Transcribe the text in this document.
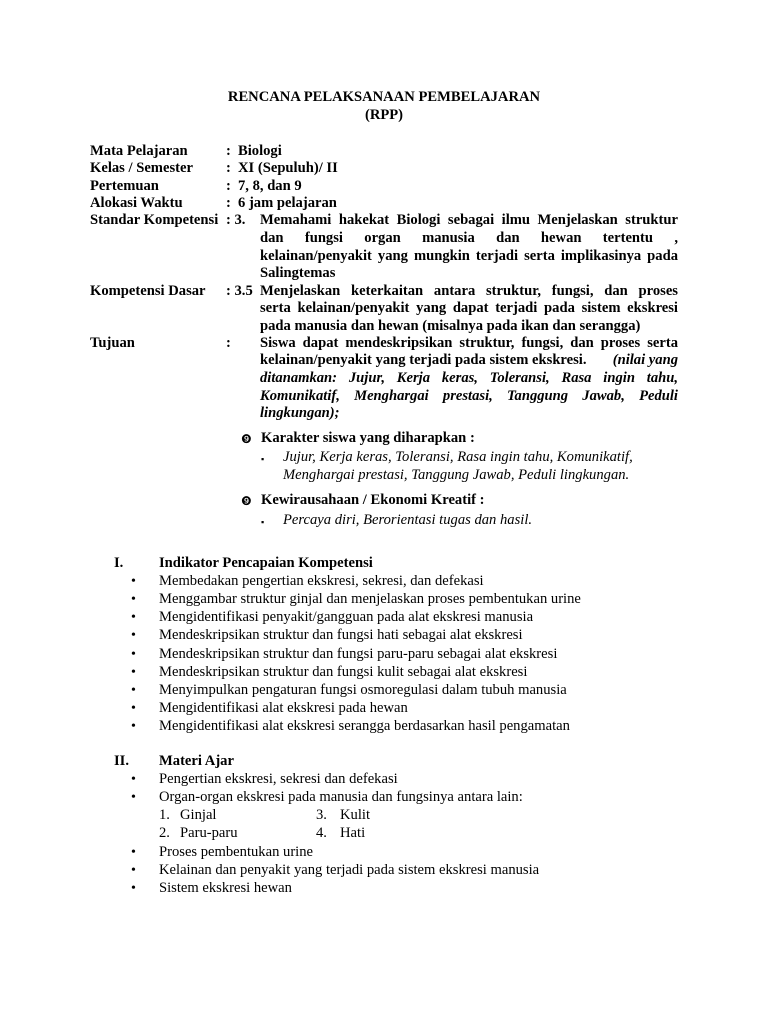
RENCANA PELAKSANAAN PEMBELAJARAN
(RPP)
Mata Pelajaran	: Biologi
Kelas / Semester : XI (Sepuluh)/ II
Pertemuan	: 7, 8, dan 9
Alokasi Waktu	: 6 jam pelajaran
Standar Kompetensi : 3. Memahami hakekat Biologi sebagai ilmu Menjelaskan struktur
dan fungsi organ manusia dan hewan tertentu ,
kelainan/penyakit yang mungkin terjadi serta implikasinya pada
Salingtemas
Kompetensi Dasar : 3.5 Menjelaskan keterkaitan antara struktur, fungsi, dan proses
serta kelainan/penyakit yang dapat terjadi pada sistem ekskresi
pada manusia dan hewan (misalnya pada ikan dan serangga)
Tujuan	: Siswa dapat mendeskripsikan struktur, fungsi, dan proses serta
kelainan/penyakit yang terjadi pada sistem ekskresi. (nilai yang
ditanamkan: Jujur, Kerja keras, Toleransi, Rasa ingin tahu,
Komunikatif, Menghargai prestasi, Tanggung Jawab, Peduli
lingkungan);
❾ Karakter siswa yang diharapkan :
▪ Jujur, Kerja keras, Toleransi, Rasa ingin tahu, Komunikatif,
Menghargai prestasi, Tanggung Jawab, Peduli lingkungan.
❾ Kewirausahaan / Ekonomi Kreatif :
▪ Percaya diri, Berorientasi tugas dan hasil.
I. Indikator Pencapaian Kompetensi
• Membedakan pengertian ekskresi, sekresi, dan defekasi
• Menggambar struktur ginjal dan menjelaskan proses pembentukan urine
• Mengidentifikasi penyakit/gangguan pada alat ekskresi manusia
• Mendeskripsikan struktur dan fungsi hati sebagai alat ekskresi
• Mendeskripsikan struktur dan fungsi paru-paru sebagai alat ekskresi
• Mendeskripsikan struktur dan fungsi kulit sebagai alat ekskresi
• Menyimpulkan pengaturan fungsi osmoregulasi dalam tubuh manusia
• Mengidentifikasi alat ekskresi pada hewan
• Mengidentifikasi alat ekskresi serangga berdasarkan hasil pengamatan
II. Materi Ajar
• Pengertian ekskresi, sekresi dan defekasi
• Organ-organ ekskresi pada manusia dan fungsinya antara lain:
1. Ginjal	3. Kulit
2. Paru-paru	4. Hati
• Proses pembentukan urine
• Kelainan dan penyakit yang terjadi pada sistem ekskresi manusia
• Sistem ekskresi hewan
